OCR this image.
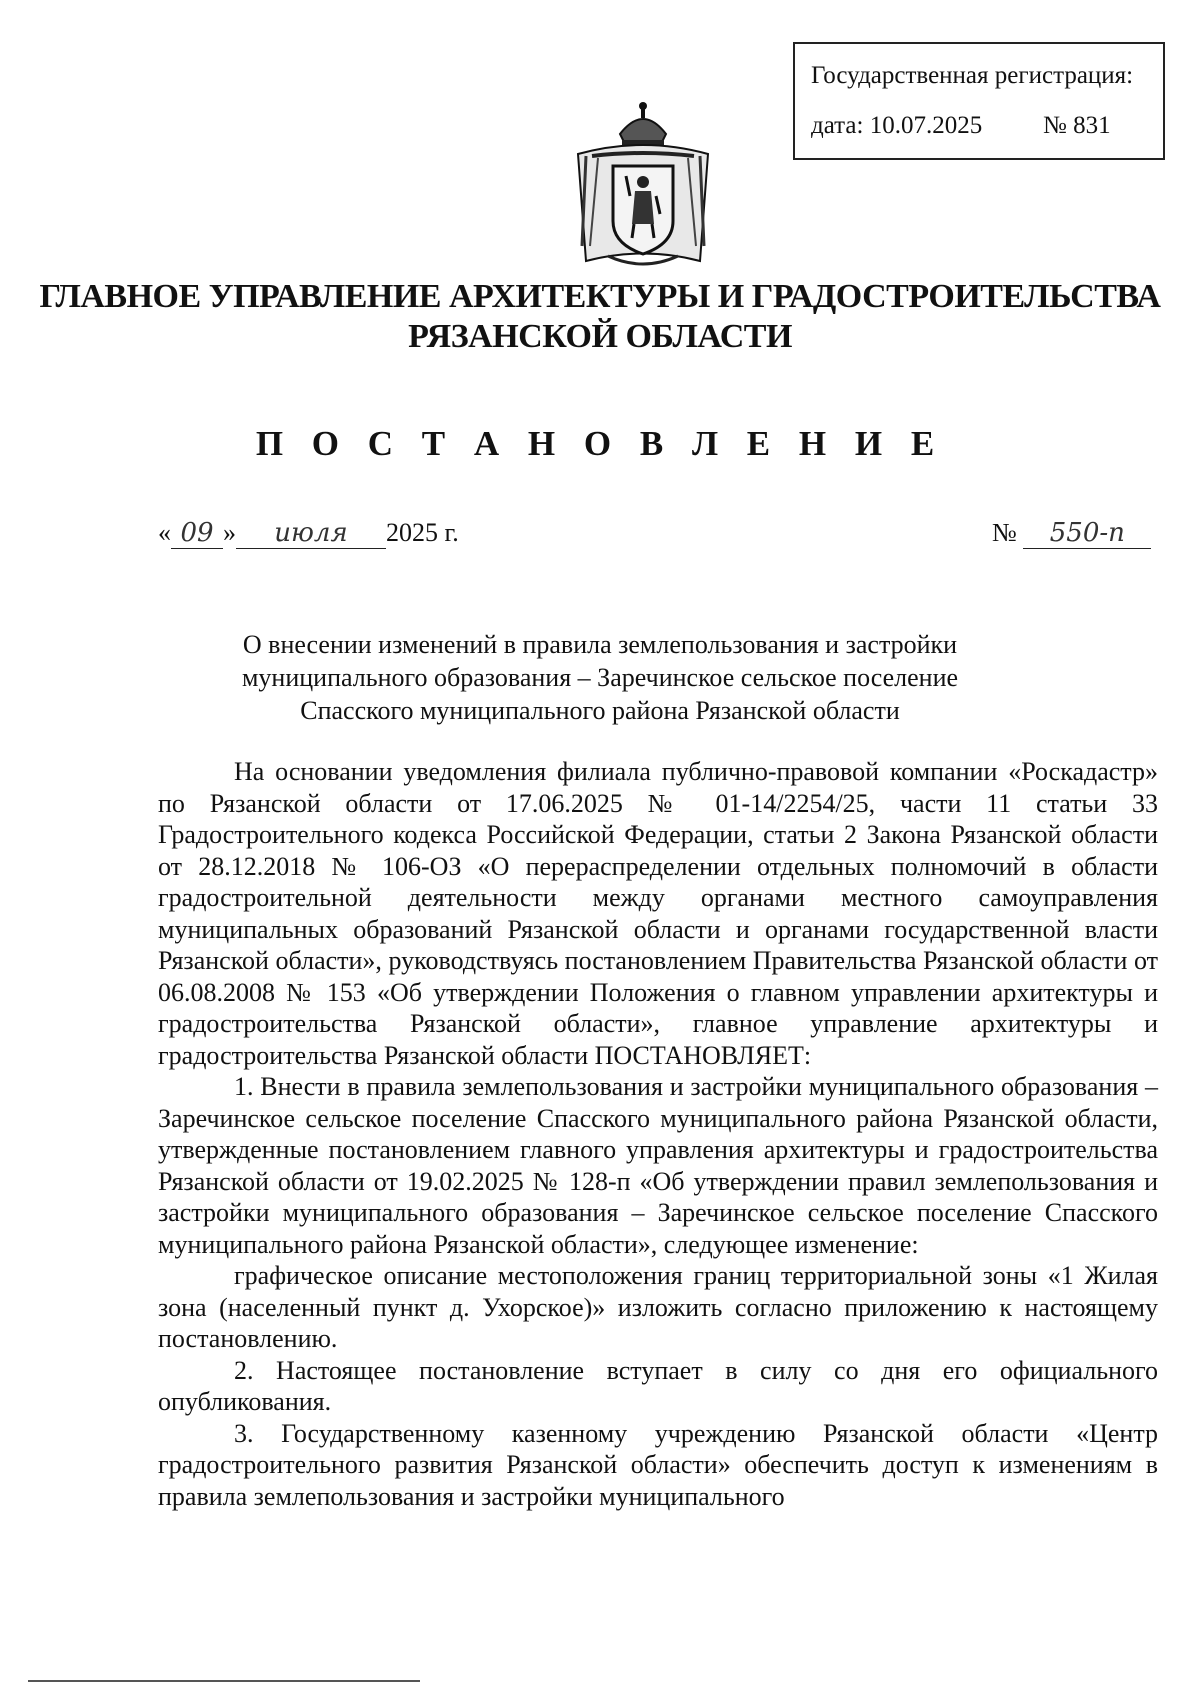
Государственная регистрация:
дата: 10.07.2025 № 831
ГЛАВНОЕ УПРАВЛЕНИЕ АРХИТЕКТУРЫ И ГРАДОСТРОИТЕЛЬСТВА
РЯЗАНСКОЙ ОБЛАСТИ
П О С Т А Н О В Л Е Н И Е
« 09 » июля 2025 г.	№ 550-п
О внесении изменений в правила землепользования и застройки
муниципального образования – Заречинское сельское поселение
Спасского муниципального района Рязанской области

На основании уведомления филиала публично-правовой компании «Роскадастр» по Рязанской области от 17.06.2025 № 01-14/2254/25, части 11 статьи 33 Градостроительного кодекса Российской Федерации, статьи 2 Закона Рязанской области от 28.12.2018 № 106-ОЗ «О перераспределении отдельных полномочий в области градостроительной деятельности между органами местного самоуправления муниципальных образований Рязанской области и органами государственной власти Рязанской области», руководствуясь постановлением Правительства Рязанской области от 06.08.2008 № 153 «Об утверждении Положения о главном управлении архитектуры и градостроительства Рязанской области», главное управление архитектуры и градостроительства Рязанской области ПОСТАНОВЛЯЕТ:

1. Внести в правила землепользования и застройки муниципального образования – Заречинское сельское поселение Спасского муниципального района Рязанской области, утвержденные постановлением главного управления архитектуры и градостроительства Рязанской области от 19.02.2025 № 128-п «Об утверждении правил землепользования и застройки муниципального образования – Заречинское сельское поселение Спасского муниципального района Рязанской области», следующее изменение:

графическое описание местоположения границ территориальной зоны «1 Жилая зона (населенный пункт д. Ухорское)» изложить согласно приложению к настоящему постановлению.

2. Настоящее постановление вступает в силу со дня его официального опубликования.

3. Государственному казенному учреждению Рязанской области «Центр градостроительного развития Рязанской области» обеспечить доступ к изменениям в правила землепользования и застройки муниципального
